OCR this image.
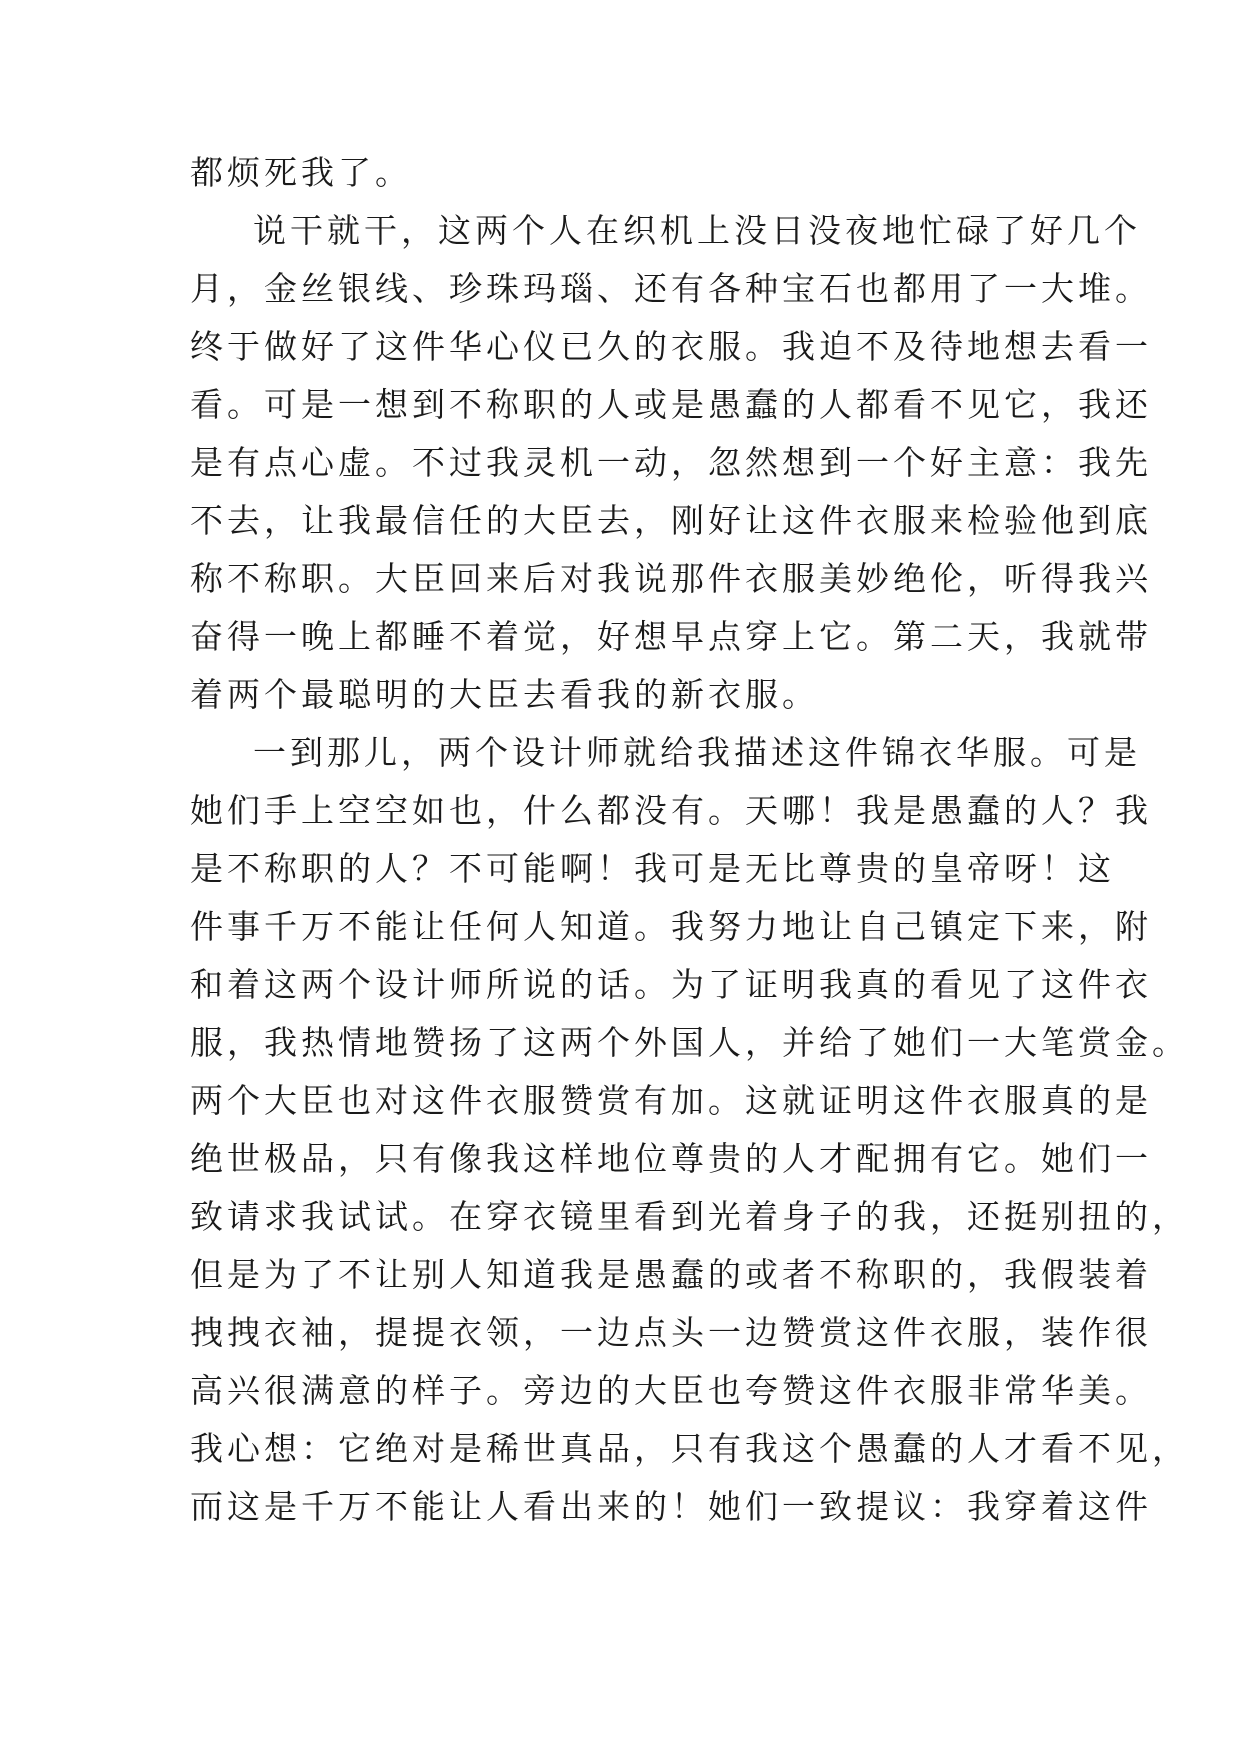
都烦死我了。
说干就干，这两个人在织机上没日没夜地忙碌了好几个
月，金丝银线、珍珠玛瑙、还有各种宝石也都用了一大堆。
终于做好了这件华心仪已久的衣服。我迫不及待地想去看一
看。可是一想到不称职的人或是愚蠢的人都看不见它，我还
是有点心虚。不过我灵机一动，忽然想到一个好主意：我先
不去，让我最信任的大臣去，刚好让这件衣服来检验他到底
称不称职。大臣回来后对我说那件衣服美妙绝伦，听得我兴
奋得一晚上都睡不着觉，好想早点穿上它。第二天，我就带
着两个最聪明的大臣去看我的新衣服。
一到那儿，两个设计师就给我描述这件锦衣华服。可是
她们手上空空如也，什么都没有。天哪！我是愚蠢的人？我
是不称职的人？不可能啊！我可是无比尊贵的皇帝呀！这
件事千万不能让任何人知道。我努力地让自己镇定下来，附
和着这两个设计师所说的话。为了证明我真的看见了这件衣
服，我热情地赞扬了这两个外国人，并给了她们一大笔赏金。
两个大臣也对这件衣服赞赏有加。这就证明这件衣服真的是
绝世极品，只有像我这样地位尊贵的人才配拥有它。她们一
致请求我试试。在穿衣镜里看到光着身子的我，还挺别扭的，
但是为了不让别人知道我是愚蠢的或者不称职的，我假装着
拽拽衣袖，提提衣领，一边点头一边赞赏这件衣服，装作很
高兴很满意的样子。旁边的大臣也夸赞这件衣服非常华美。
我心想：它绝对是稀世真品，只有我这个愚蠢的人才看不见，
而这是千万不能让人看出来的！她们一致提议：我穿着这件
